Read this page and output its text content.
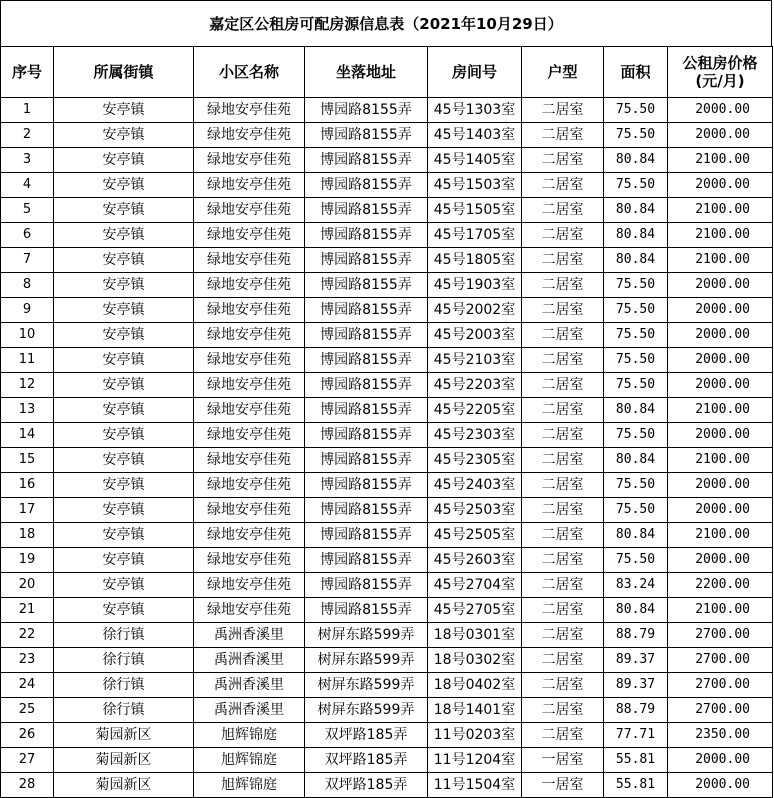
嘉定区公租房可配房源信息表（2021年10月29日）
序号	所属街镇	小区名称	坐落地址	房间号	户型	面积	公租房价格
(元/月)

1	安亭镇	绿地安亭佳苑	博园路8155弄	45号1303室	二居室	75.50	2000.00
2	安亭镇	绿地安亭佳苑	博园路8155弄	45号1403室	二居室	75.50	2000.00
3	安亭镇	绿地安亭佳苑	博园路8155弄	45号1405室	二居室	80.84	2100.00
4	安亭镇	绿地安亭佳苑	博园路8155弄	45号1503室	二居室	75.50	2000.00
5	安亭镇	绿地安亭佳苑	博园路8155弄	45号1505室	二居室	80.84	2100.00
6	安亭镇	绿地安亭佳苑	博园路8155弄	45号1705室	二居室	80.84	2100.00
7	安亭镇	绿地安亭佳苑	博园路8155弄	45号1805室	二居室	80.84	2100.00
8	安亭镇	绿地安亭佳苑	博园路8155弄	45号1903室	二居室	75.50	2000.00
9	安亭镇	绿地安亭佳苑	博园路8155弄	45号2002室	二居室	75.50	2000.00
10	安亭镇	绿地安亭佳苑	博园路8155弄	45号2003室	二居室	75.50	2000.00
11	安亭镇	绿地安亭佳苑	博园路8155弄	45号2103室	二居室	75.50	2000.00
12	安亭镇	绿地安亭佳苑	博园路8155弄	45号2203室	二居室	75.50	2000.00
13	安亭镇	绿地安亭佳苑	博园路8155弄	45号2205室	二居室	80.84	2100.00
14	安亭镇	绿地安亭佳苑	博园路8155弄	45号2303室	二居室	75.50	2000.00
15	安亭镇	绿地安亭佳苑	博园路8155弄	45号2305室	二居室	80.84	2100.00
16	安亭镇	绿地安亭佳苑	博园路8155弄	45号2403室	二居室	75.50	2000.00
17	安亭镇	绿地安亭佳苑	博园路8155弄	45号2503室	二居室	75.50	2000.00
18	安亭镇	绿地安亭佳苑	博园路8155弄	45号2505室	二居室	80.84	2100.00
19	安亭镇	绿地安亭佳苑	博园路8155弄	45号2603室	二居室	75.50	2000.00
20	安亭镇	绿地安亭佳苑	博园路8155弄	45号2704室	二居室	83.24	2200.00
21	安亭镇	绿地安亭佳苑	博园路8155弄	45号2705室	二居室	80.84	2100.00
22	徐行镇	禹洲香溪里	树屏东路599弄	18号0301室	二居室	88.79	2700.00
23	徐行镇	禹洲香溪里	树屏东路599弄	18号0302室	二居室	89.37	2700.00
24	徐行镇	禹洲香溪里	树屏东路599弄	18号0402室	二居室	89.37	2700.00
25	徐行镇	禹洲香溪里	树屏东路599弄	18号1401室	二居室	88.79	2700.00
26	菊园新区	旭辉锦庭	双坪路185弄	11号0203室	二居室	77.71	2350.00
27	菊园新区	旭辉锦庭	双坪路185弄	11号1204室	一居室	55.81	2000.00
28	菊园新区	旭辉锦庭	双坪路185弄	11号1504室	一居室	55.81	2000.00
